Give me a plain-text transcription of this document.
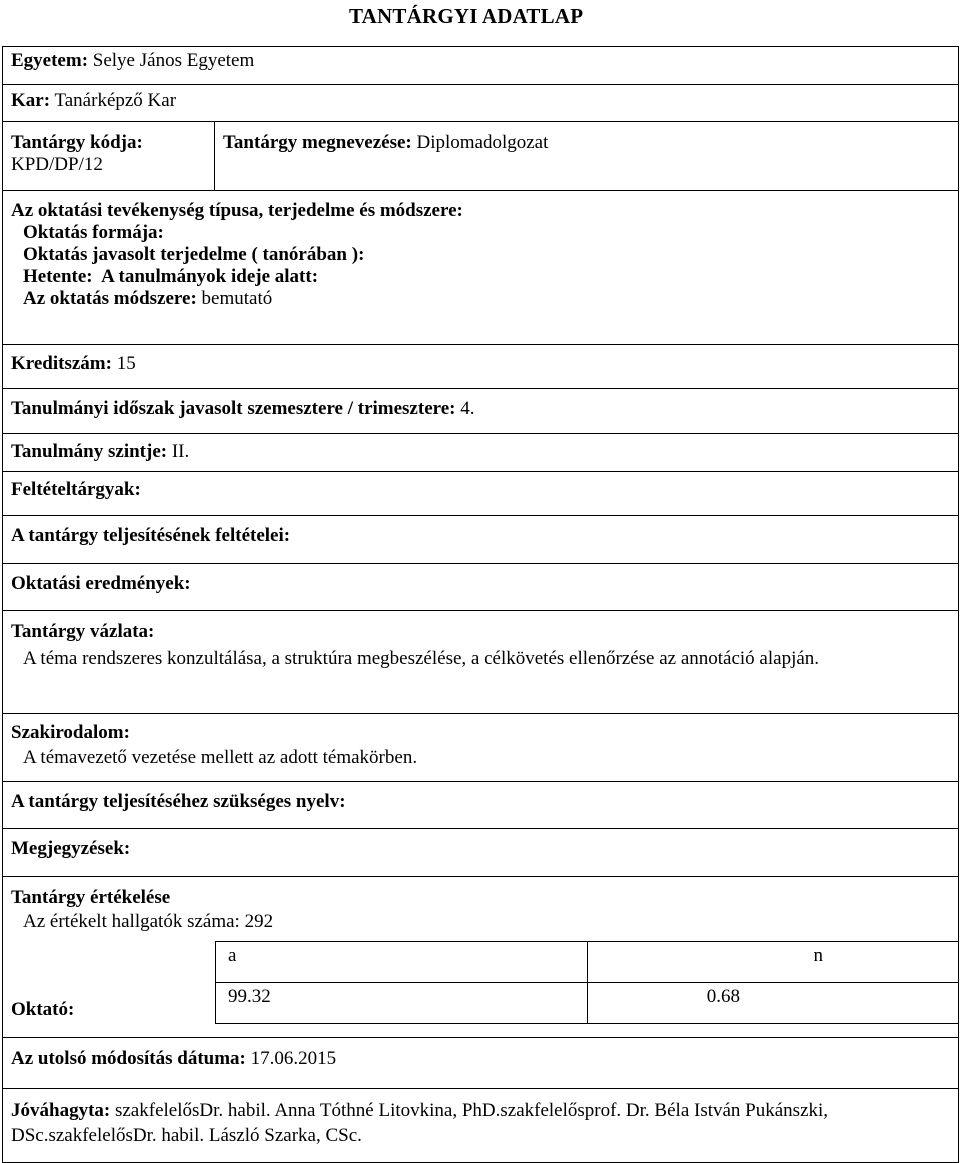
TANTÁRGYI ADATLAP
Egyetem: Selye János Egyetem
Kar: Tanárképző Kar

Tantárgy kódja:
KPD/DP/12
	Tantárgy megnevezése: Diplomadolgozat

Az oktatási tevékenység típusa, terjedelme és módszere:
Oktatás formája:
Oktatás javasolt terjedelme ( tanórában ):
Hetente: A tanulmányok ideje alatt:
Az oktatás módszere: bemutató

Kreditszám: 15
Tanulmányi időszak javasolt szemesztere / trimesztere: 4.
Tanulmány szintje: II.
Feltételtárgyak:
A tantárgy teljesítésének feltételei:
Oktatási eredmények:

Tantárgy vázlata:
A téma rendszeres konzultálása, a struktúra megbeszélése, a célkövetés ellenőrzése az annotáció alapján.

Szakirodalom:
A témavezető vezetése mellett az adott témakörben.

A tantárgy teljesítéséhez szükséges nyelv:
Megjegyzések:

Tantárgy értékelése
Az értékelt hallgatók száma: 292
a	n
99.32	0.68
Oktató:

Az utolsó módosítás dátuma: 17.06.2015
Jóváhagyta: szakfelelősDr. habil. Anna Tóthné Litovkina, PhD.szakfelelősprof. Dr. Béla István Pukánszki, DSc.szakfelelősDr. habil. László Szarka, CSc.
